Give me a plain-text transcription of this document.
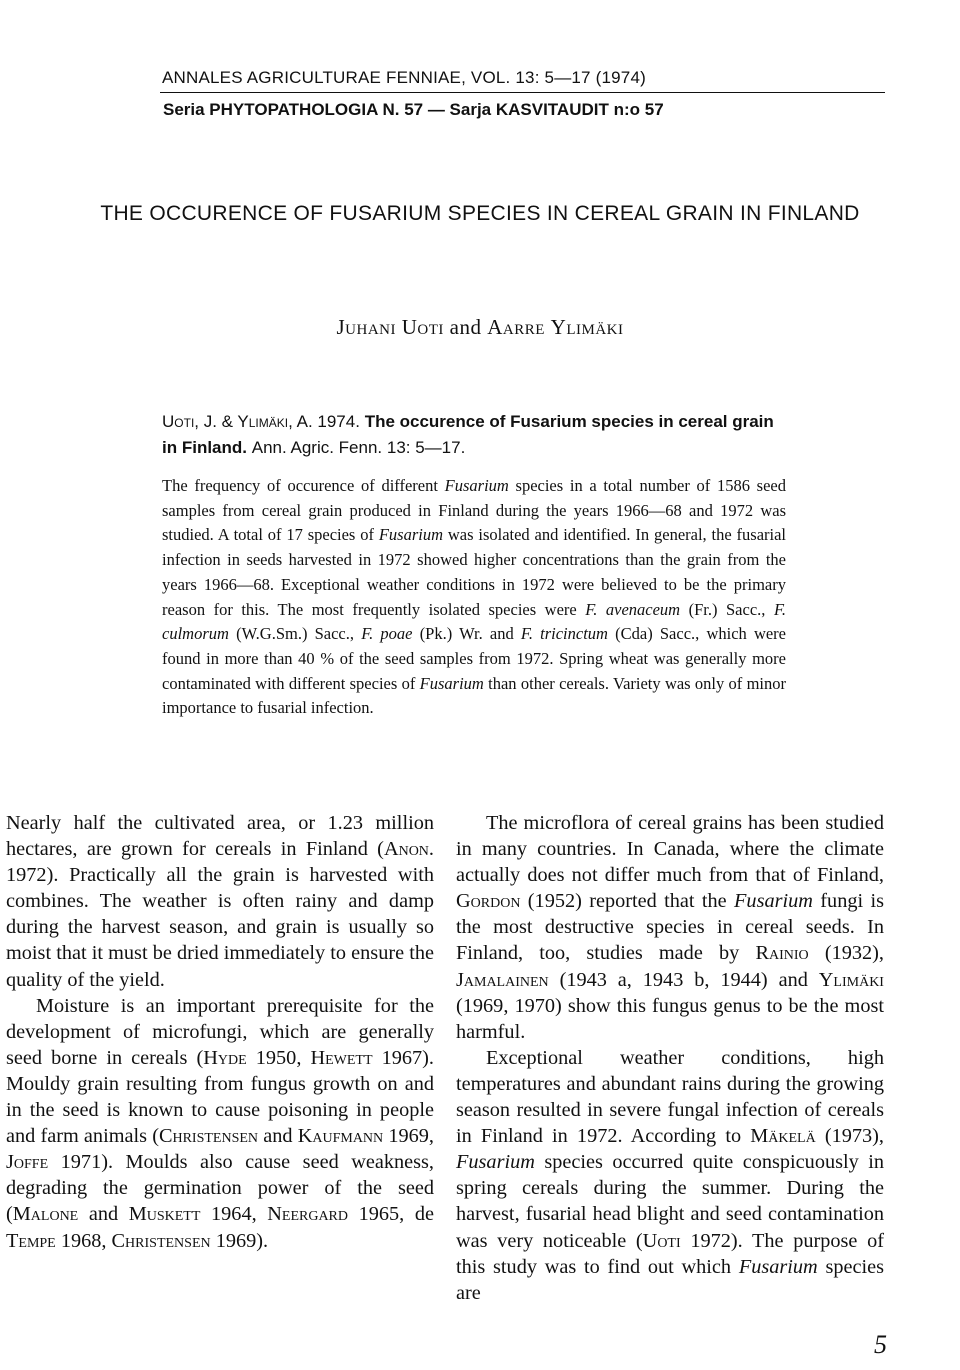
ANNALES AGRICULTURAE FENNIAE, VOL. 13: 5—17 (1974)
Seria PHYTOPATHOLOGIA N. 57 — Sarja KASVITAUDIT n:o 57
THE OCCURENCE OF FUSARIUM SPECIES IN CEREAL GRAIN IN FINLAND
Juhani Uoti and Aarre Ylimäki
Uoti, J. & Ylimäki, A. 1974. The occurence of Fusarium species in cereal grain in Finland. Ann. Agric. Fenn. 13: 5—17.

The frequency of occurence of different Fusarium species in a total number of 1586 seed samples from cereal grain produced in Finland during the years 1966—68 and 1972 was studied. A total of 17 species of Fusarium was isolated and identified. In general, the fusarial infection in seeds harvested in 1972 showed higher concentrations than the grain from the years 1966—68. Exceptional weather conditions in 1972 were believed to be the primary reason for this. The most frequently isolated species were F. avenaceum (Fr.) Sacc., F. culmorum (W.G.Sm.) Sacc., F. poae (Pk.) Wr. and F. tricinctum (Cda) Sacc., which were found in more than 40 % of the seed samples from 1972. Spring wheat was generally more contaminated with different species of Fusarium than other cereals. Variety was only of minor importance to fusarial infection.

Nearly half the cultivated area, or 1.23 million hectares, are grown for cereals in Finland (Anon. 1972). Practically all the grain is harvested with combines. The weather is often rainy and damp during the harvest season, and grain is usually so moist that it must be dried immediately to ensure the quality of the yield.

Moisture is an important prerequisite for the development of microfungi, which are generally seed borne in cereals (Hyde 1950, Hewett 1967). Mouldy grain resulting from fungus growth on and in the seed is known to cause poisoning in people and farm animals (Christensen and Kaufmann 1969, Joffe 1971). Moulds also cause seed weakness, degrading the germination power of the seed (Malone and Muskett 1964, Neergard 1965, de Tempe 1968, Christensen 1969).

The microflora of cereal grains has been studied in many countries. In Canada, where the climate actually does not differ much from that of Finland, Gordon (1952) reported that the Fusarium fungi is the most destructive species in cereal seeds. In Finland, too, studies made by Rainio (1932), Jamalainen (1943 a, 1943 b, 1944) and Ylimäki (1969, 1970) show this fungus genus to be the most harmful.

Exceptional weather conditions, high temperatures and abundant rains during the growing season resulted in severe fungal infection of cereals in Finland in 1972. According to Mäkelä (1973), Fusarium species occurred quite conspicuously in spring cereals during the summer. During the harvest, fusarial head blight and seed contamination was very noticeable (Uoti 1972). The purpose of this study was to find out which Fusarium species are

5
